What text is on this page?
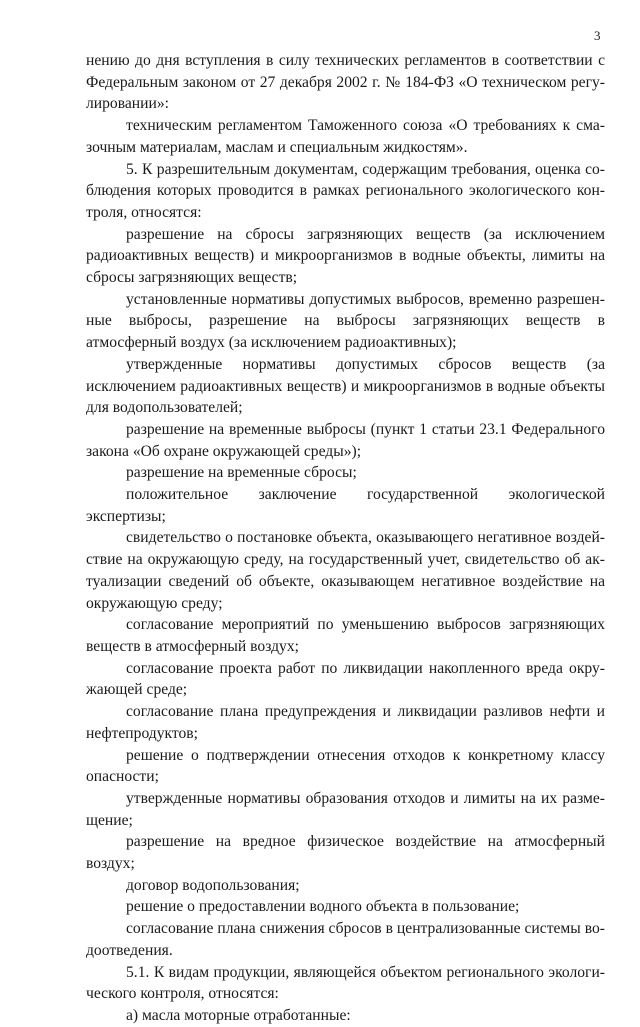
3

нению до дня вступления в силу технических регламентов в соответствии с Федеральным законом от 27 декабря 2002 г. № 184-ФЗ «О техническом регулировании»:

техническим регламентом Таможенного союза «О требованиях к смазочным материалам, маслам и специальным жидкостям».

5. К разрешительным документам, содержащим требования, оценка соблюдения которых проводится в рамках регионального экологического контроля, относятся:

разрешение на сбросы загрязняющих веществ (за исключением радиоактивных веществ) и микроорганизмов в водные объекты, лимиты на сбросы загрязняющих веществ;

установленные нормативы допустимых выбросов, временно разрешенные выбросы, разрешение на выбросы загрязняющих веществ в атмосферный воздух (за исключением радиоактивных);

утвержденные нормативы допустимых сбросов веществ (за исключением радиоактивных веществ) и микроорганизмов в водные объекты для водопользователей;

разрешение на временные выбросы (пункт 1 статьи 23.1 Федерального закона «Об охране окружающей среды»);

разрешение на временные сбросы;

положительное заключение государственной экологической экспертизы;

свидетельство о постановке объекта, оказывающего негативное воздействие на окружающую среду, на государственный учет, свидетельство об актуализации сведений об объекте, оказывающем негативное воздействие на окружающую среду;

согласование мероприятий по уменьшению выбросов загрязняющих веществ в атмосферный воздух;

согласование проекта работ по ликвидации накопленного вреда окружающей среде;

согласование плана предупреждения и ликвидации разливов нефти и нефтепродуктов;

решение о подтверждении отнесения отходов к конкретному классу опасности;

утвержденные нормативы образования отходов и лимиты на их размещение;

разрешение на вредное физическое воздействие на атмосферный воздух;

договор водопользования;

решение о предоставлении водного объекта в пользование;

согласование плана снижения сбросов в централизованные системы водоотведения.

5.1. К видам продукции, являющейся объектом регионального экологического контроля, относятся:

а) масла моторные отработанные:
